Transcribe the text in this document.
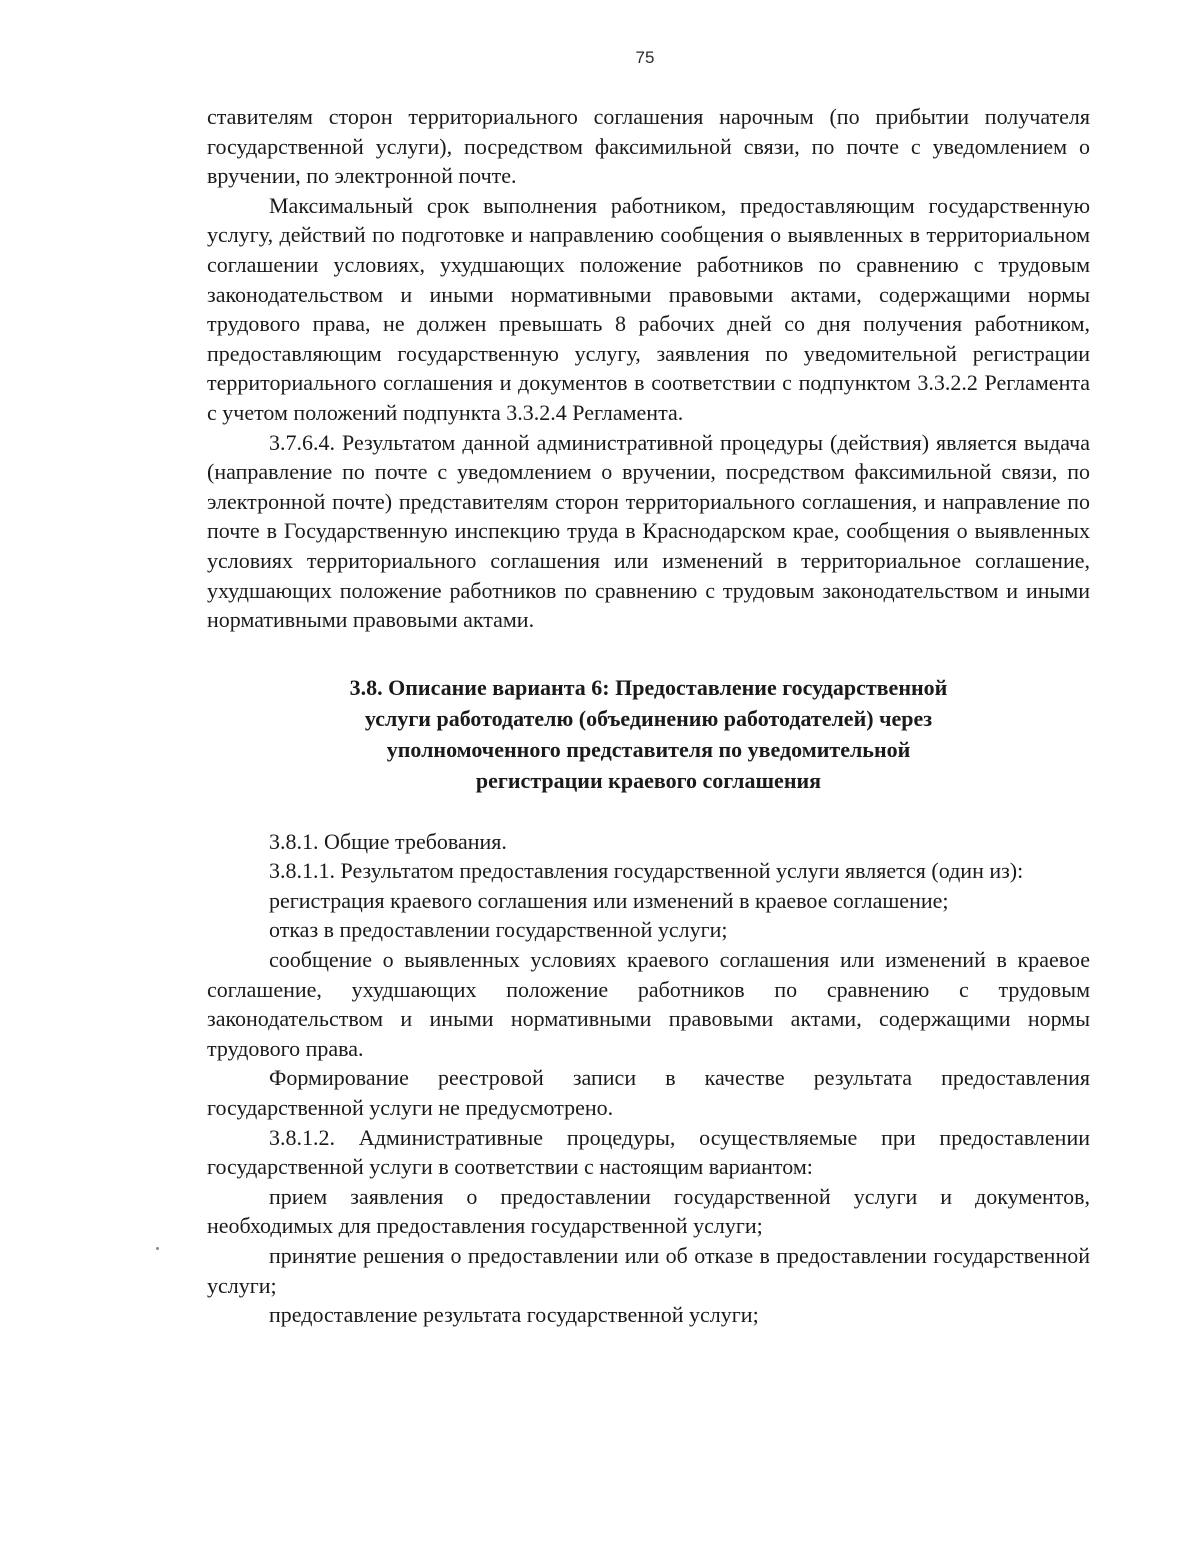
75

ставителям сторон территориального соглашения нарочным (по прибытии получателя государственной услуги), посредством факсимильной связи, по почте с уведомлением о вручении, по электронной почте.

Максимальный срок выполнения работником, предоставляющим государственную услугу, действий по подготовке и направлению сообщения о выявленных в территориальном соглашении условиях, ухудшающих положение работников по сравнению с трудовым законодательством и иными нормативными правовыми актами, содержащими нормы трудового права, не должен превышать 8 рабочих дней со дня получения работником, предоставляющим государственную услугу, заявления по уведомительной регистрации территориального соглашения и документов в соответствии с подпунктом 3.3.2.2 Регламента с учетом положений подпункта 3.3.2.4 Регламента.

3.7.6.4. Результатом данной административной процедуры (действия) является выдача (направление по почте с уведомлением о вручении, посредством факсимильной связи, по электронной почте) представителям сторон территориального соглашения, и направление по почте в Государственную инспекцию труда в Краснодарском крае, сообщения о выявленных условиях территориального соглашения или изменений в территориальное соглашение, ухудшающих положение работников по сравнению с трудовым законодательством и иными нормативными правовыми актами.

3.8. Описание варианта 6: Предоставление государственной
услуги работодателю (объединению работодателей) через
уполномоченного представителя по уведомительной
регистрации краевого соглашения

3.8.1. Общие требования.

3.8.1.1. Результатом предоставления государственной услуги является (один из):

регистрация краевого соглашения или изменений в краевое соглашение;

отказ в предоставлении государственной услуги;

сообщение о выявленных условиях краевого соглашения или изменений в краевое соглашение, ухудшающих положение работников по сравнению с трудовым законодательством и иными нормативными правовыми актами, содержащими нормы трудового права.

Формирование реестровой записи в качестве результата предоставления государственной услуги не предусмотрено.

3.8.1.2. Административные процедуры, осуществляемые при предоставлении государственной услуги в соответствии с настоящим вариантом:

прием заявления о предоставлении государственной услуги и документов, необходимых для предоставления государственной услуги;

принятие решения о предоставлении или об отказе в предоставлении государственной услуги;

предоставление результата государственной услуги;
